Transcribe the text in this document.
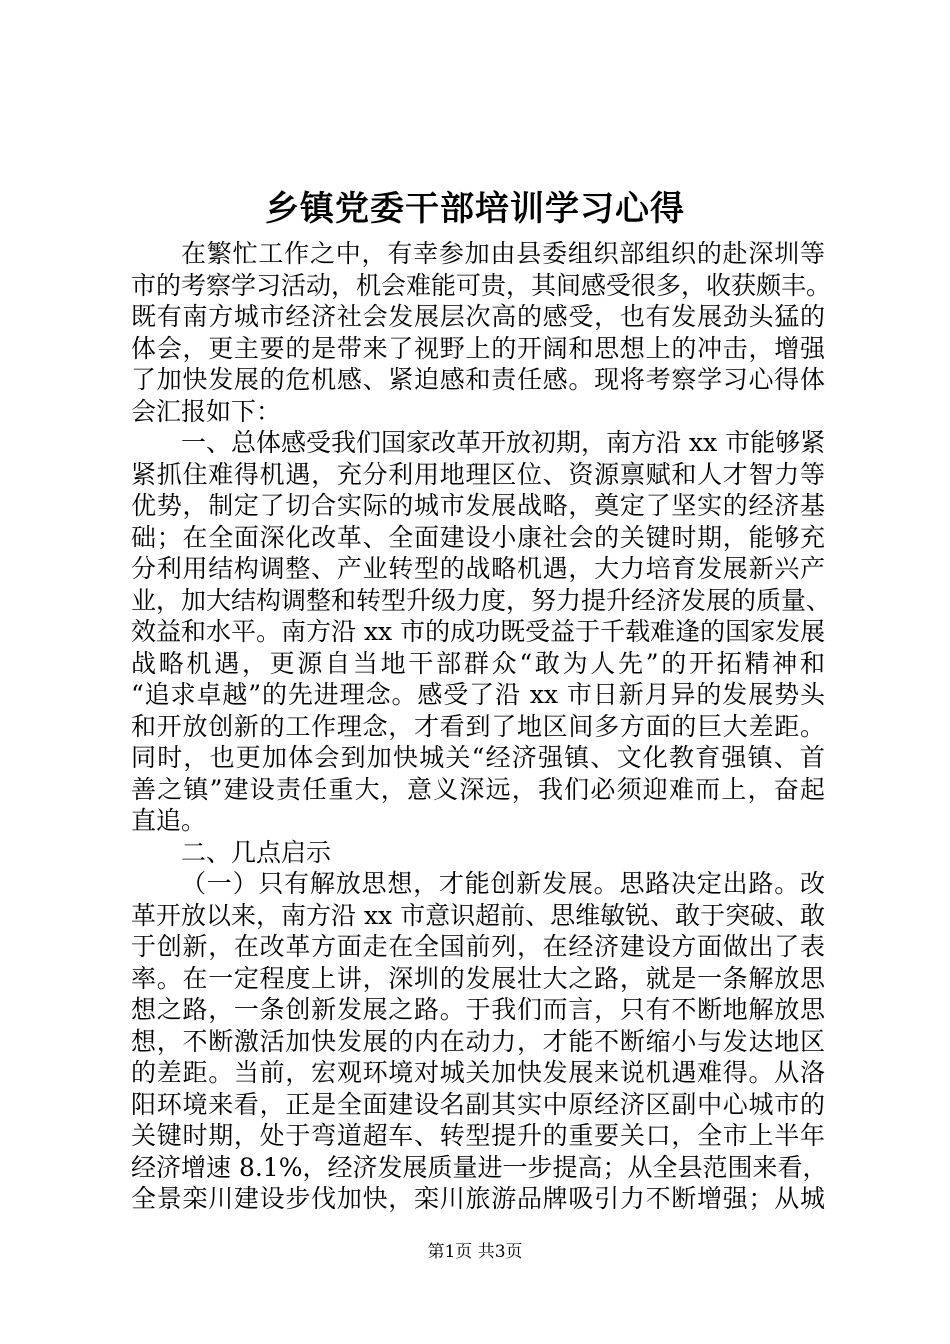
乡镇党委干部培训学习心得
在繁忙工作之中，有幸参加由县委组织部组织的赴深圳等
市的考察学习活动，机会难能可贵，其间感受很多，收获颇丰。
既有南方城市经济社会发展层次高的感受，也有发展劲头猛的
体会，更主要的是带来了视野上的开阔和思想上的冲击，增强
了加快发展的危机感、紧迫感和责任感。现将考察学习心得体
会汇报如下：
一、总体感受我们国家改革开放初期，南方沿 xx 市能够紧
紧抓住难得机遇，充分利用地理区位、资源禀赋和人才智力等
优势，制定了切合实际的城市发展战略，奠定了坚实的经济基
础；在全面深化改革、全面建设小康社会的关键时期，能够充
分利用结构调整、产业转型的战略机遇，大力培育发展新兴产
业，加大结构调整和转型升级力度，努力提升经济发展的质量、
效益和水平。南方沿 xx 市的成功既受益于千载难逢的国家发展
战略机遇，更源自当地干部群众“敢为人先”的开拓精神和
“追求卓越”的先进理念。感受了沿 xx 市日新月异的发展势头
和开放创新的工作理念，才看到了地区间多方面的巨大差距。
同时，也更加体会到加快城关“经济强镇、文化教育强镇、首
善之镇”建设责任重大，意义深远，我们必须迎难而上，奋起
直追。
二、几点启示
（一）只有解放思想，才能创新发展。思路决定出路。改
革开放以来，南方沿 xx 市意识超前、思维敏锐、敢于突破、敢
于创新，在改革方面走在全国前列，在经济建设方面做出了表
率。在一定程度上讲，深圳的发展壮大之路，就是一条解放思
想之路，一条创新发展之路。于我们而言，只有不断地解放思
想，不断激活加快发展的内在动力，才能不断缩小与发达地区
的差距。当前，宏观环境对城关加快发展来说机遇难得。从洛
阳环境来看，正是全面建设名副其实中原经济区副中心城市的
关键时期，处于弯道超车、转型提升的重要关口，全市上半年
经济增速 8.1%，经济发展质量进一步提高；从全县范围来看，
全景栾川建设步伐加快，栾川旅游品牌吸引力不断增强；从城
第1页 共3页
